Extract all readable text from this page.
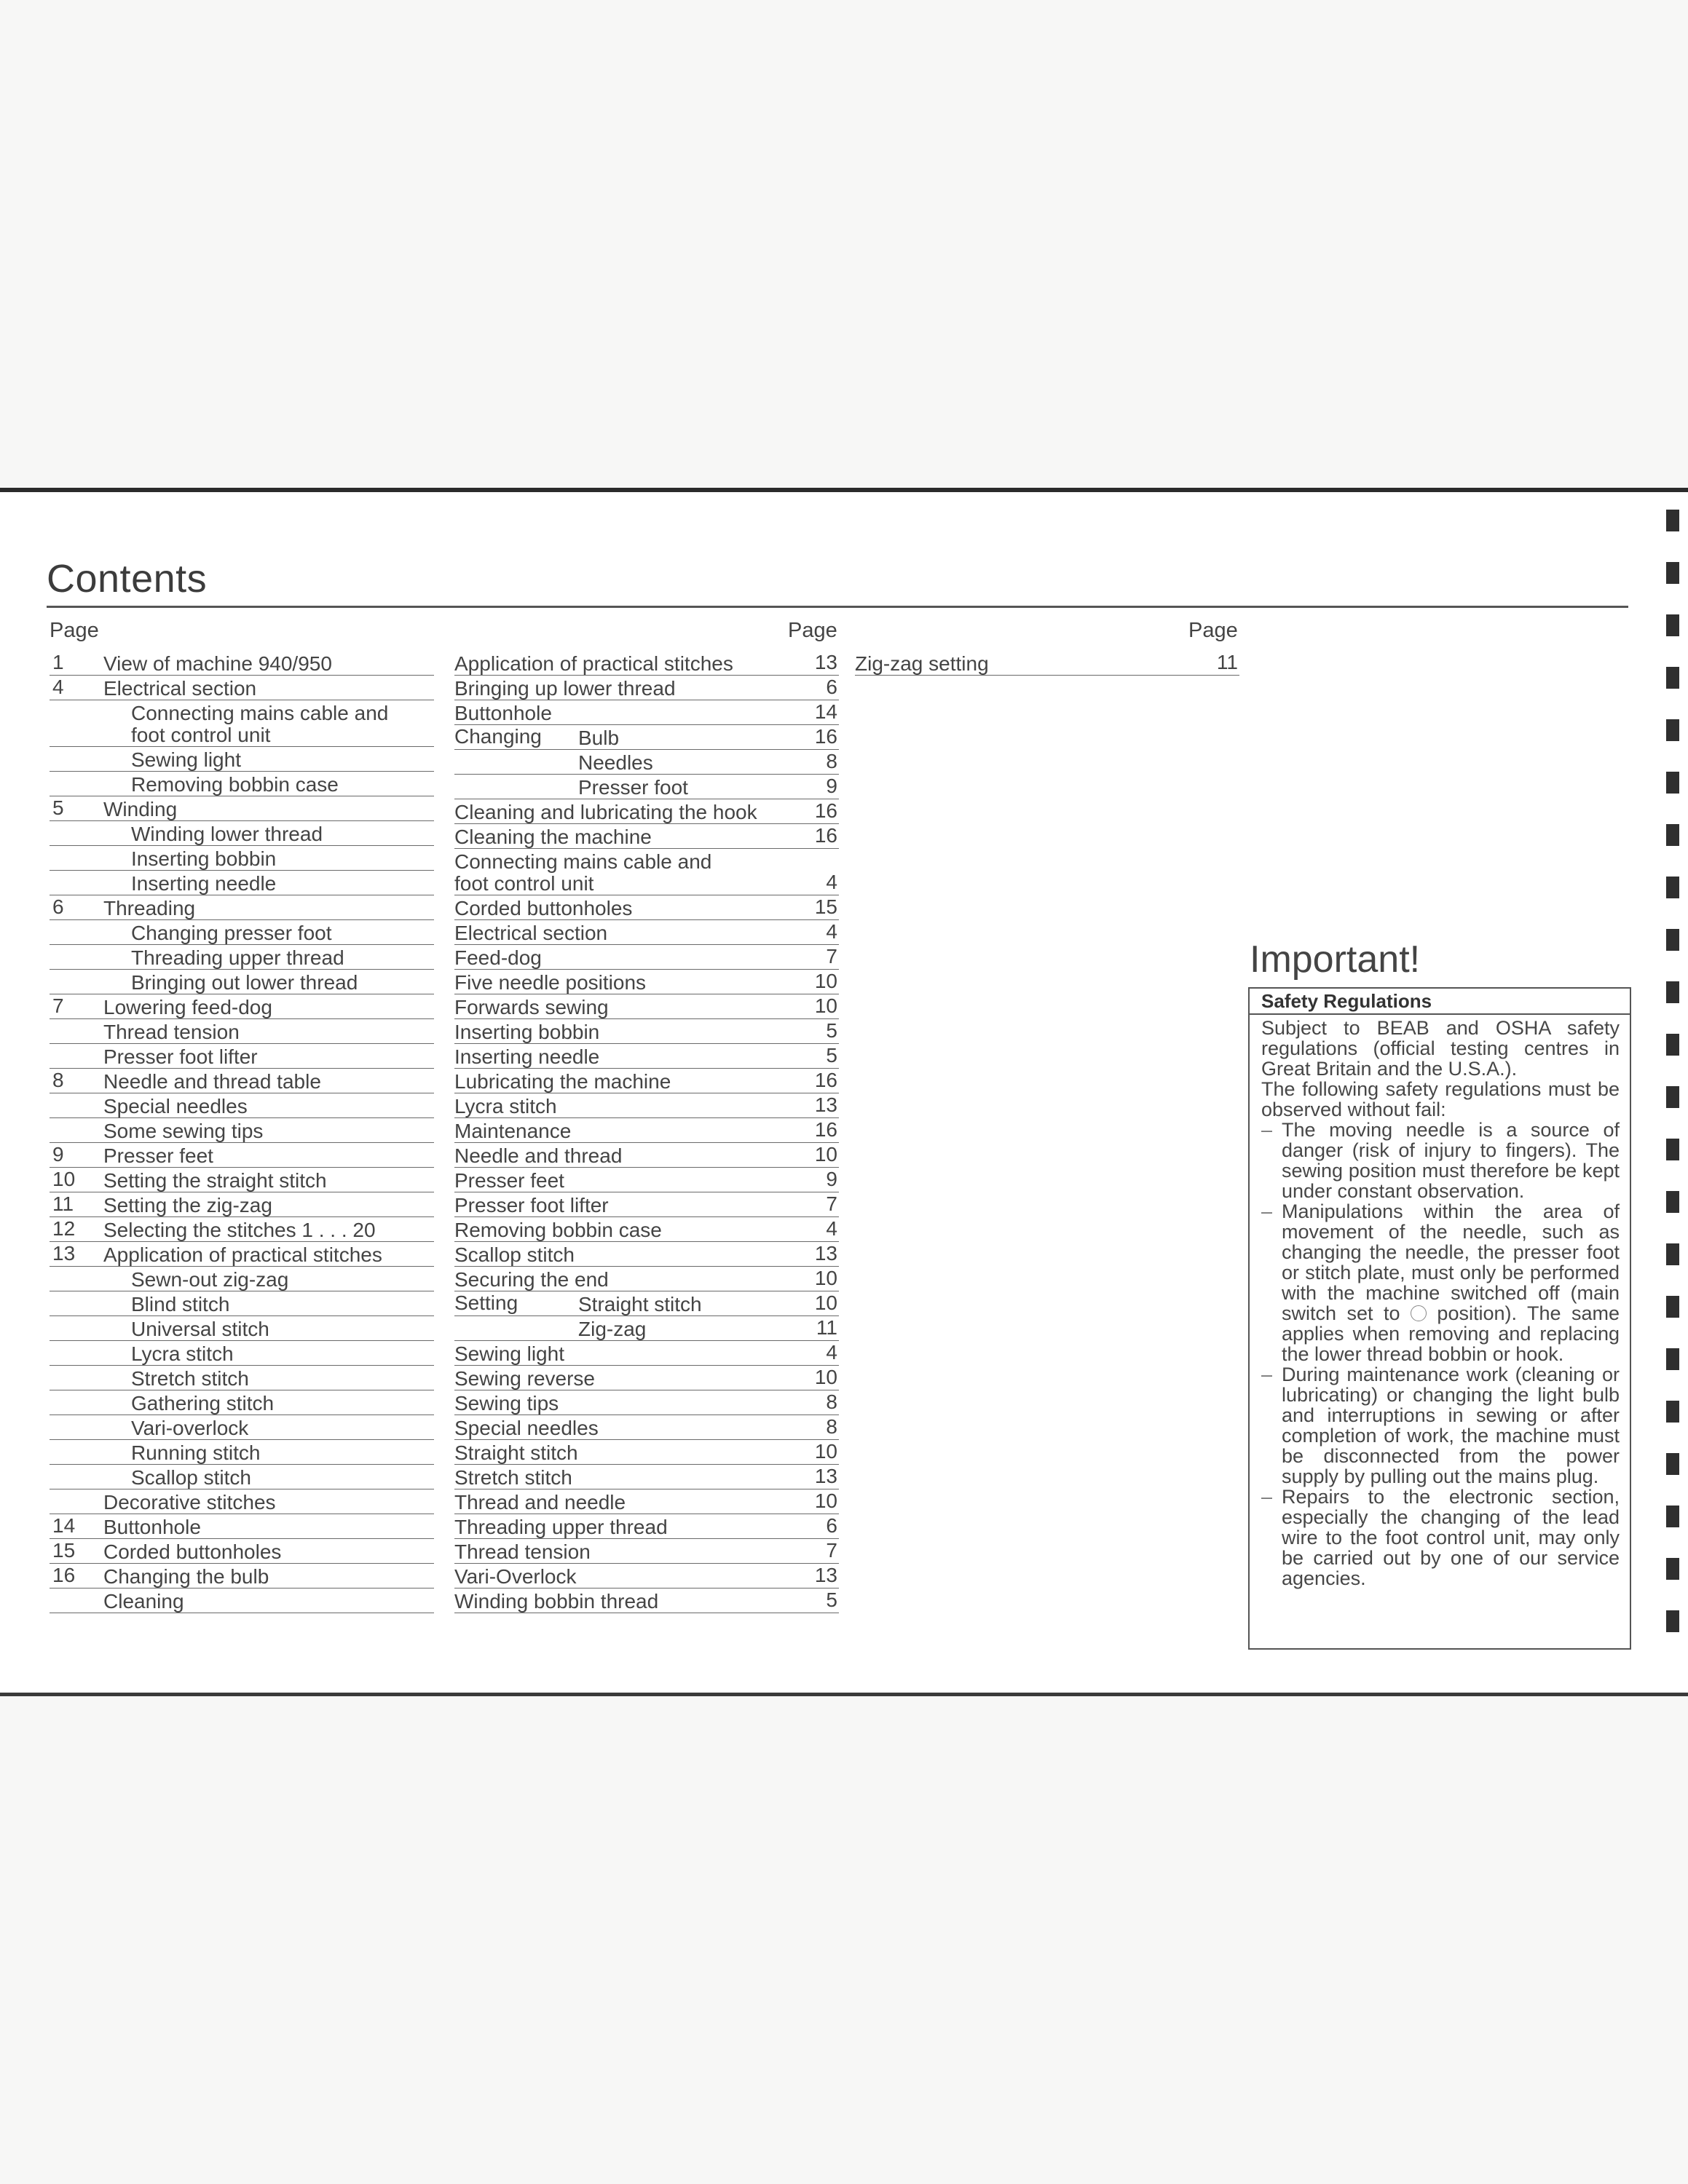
Contents
Page	Page	Page
1 View of machine 940/950
4 Electrical section
Connecting mains cable and
foot control unit
Sewing light
Removing bobbin case
5 Winding
Winding lower thread
Inserting bobbin
Inserting needle
6 Threading
Changing presser foot
Threading upper thread
Bringing out lower thread
7 Lowering feed-dog
Thread tension
Presser foot lifter
8 Needle and thread table
Special needles
Some sewing tips
9 Presser feet
10 Setting the straight stitch
11 Setting the zig-zag
12 Selecting the stitches 1 . . . 20
13 Application of practical stitches
Sewn-out zig-zag
Blind stitch
Universal stitch
Lycra stitch
Stretch stitch
Gathering stitch
Vari-overlock
Running stitch
Scallop stitch
Decorative stitches
14 Buttonhole
15 Corded buttonholes
16 Changing the bulb
Cleaning
Application of practical stitches	13
Bringing up lower thread	6
Buttonhole	14
Changing Bulb	16
Needles	8
Presser foot	9
Cleaning and lubricating the hook	16
Cleaning the machine	16
Connecting mains cable and
foot control unit	4
Corded buttonholes	15
Electrical section	4
Feed-dog	7
Five needle positions	10
Forwards sewing	10
Inserting bobbin	5
Inserting needle	5
Lubricating the machine	16
Lycra stitch	13
Maintenance	16
Needle and thread	10
Presser feet	9
Presser foot lifter	7
Removing bobbin case	4
Scallop stitch	13
Securing the end	10
Setting	Straight stitch	10
Zig-zag	11
Sewing light	4
Sewing reverse	10
Sewing tips	8
Special needles	8
Straight stitch	10
Stretch stitch	13
Thread and needle	10
Threading upper thread	6
Thread tension	7
Vari-Overlock	13
Winding bobbin thread	5
Zig-zag setting	11
Important!
Safety Regulations

Subject to BEAB and OSHA safety regulations (official testing centres in Great Britain and the U.S.A.).

The following safety regulations must be observed without fail:

– The moving needle is a source of danger (risk of injury to fingers). The sewing position must therefore be kept under constant observation.
– Manipulations within the area of movement of the needle, such as changing the needle, the presser foot or stitch plate, must only be performed with the machine switched off (main switch set to position). The same applies when removing and replacing the lower thread bobbin or hook.
– During maintenance work (cleaning or lubricating) or changing the light bulb and interruptions in sewing or after completion of work, the machine must be disconnected from the power supply by pulling out the mains plug.
– Repairs to the electronic section, especially the changing of the lead wire to the foot control unit, may only be carried out by one of our service agencies.
